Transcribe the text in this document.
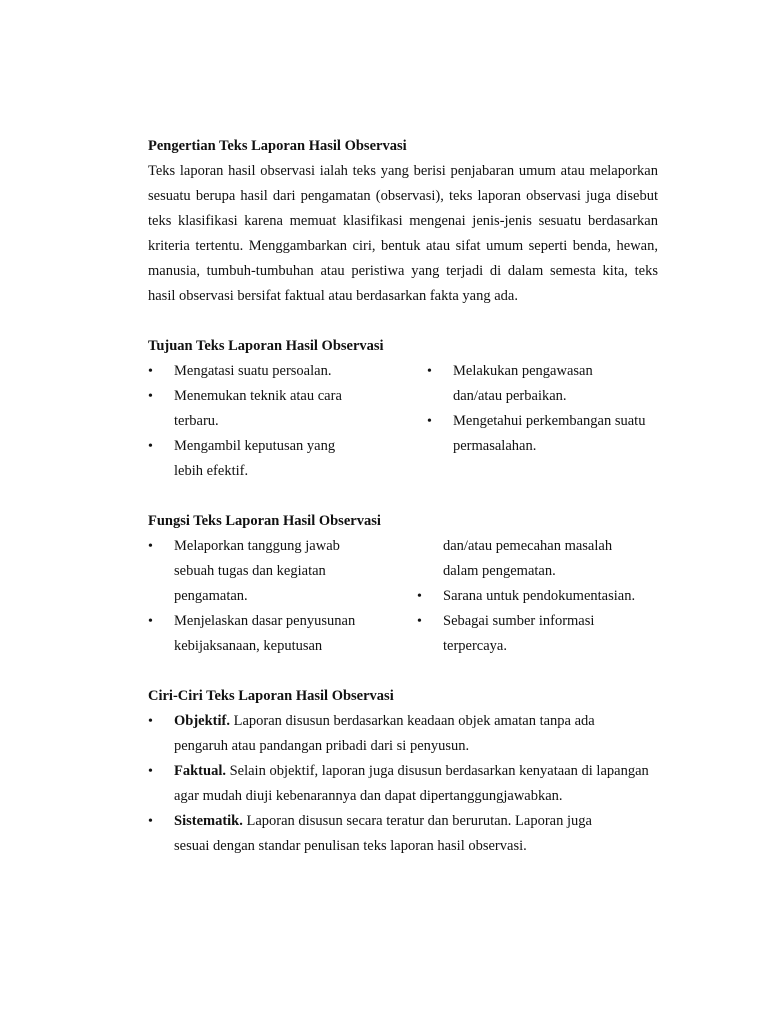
Pengertian Teks Laporan Hasil Observasi

Teks laporan hasil observasi ialah teks yang berisi penjabaran umum atau melaporkan sesuatu berupa hasil dari pengamatan (observasi), teks laporan observasi juga disebut teks klasifikasi karena memuat klasifikasi mengenai jenis-jenis sesuatu berdasarkan kriteria tertentu. Menggambarkan ciri, bentuk atau sifat umum seperti benda, hewan, manusia, tumbuh-tumbuhan atau peristiwa yang terjadi di dalam semesta kita, teks hasil observasi bersifat faktual atau berdasarkan fakta yang ada.

Tujuan Teks Laporan Hasil Observasi
• Mengatasi suatu persoalan.
• Menemukan teknik atau cara terbaru.
• Mengambil keputusan yang lebih efektif.
• Melakukan pengawasan dan/atau perbaikan.
• Mengetahui perkembangan suatu permasalahan.
Fungsi Teks Laporan Hasil Observasi
• Melaporkan tanggung jawab sebuah tugas dan kegiatan pengamatan.
• Menjelaskan dasar penyusunan kebijaksanaan, keputusan
dan/atau pemecahan masalah dalam pengematan.
• Sarana untuk pendokumentasian.
• Sebagai sumber informasi terpercaya.
Ciri-Ciri Teks Laporan Hasil Observasi
• Objektif. Laporan disusun berdasarkan keadaan objek amatan tanpa ada pengaruh atau pandangan pribadi dari si penyusun.
• Faktual. Selain objektif, laporan juga disusun berdasarkan kenyataan di lapangan agar mudah diuji kebenarannya dan dapat dipertanggungjawabkan.
• Sistematik. Laporan disusun secara teratur dan berurutan. Laporan juga sesuai dengan standar penulisan teks laporan hasil observasi.
